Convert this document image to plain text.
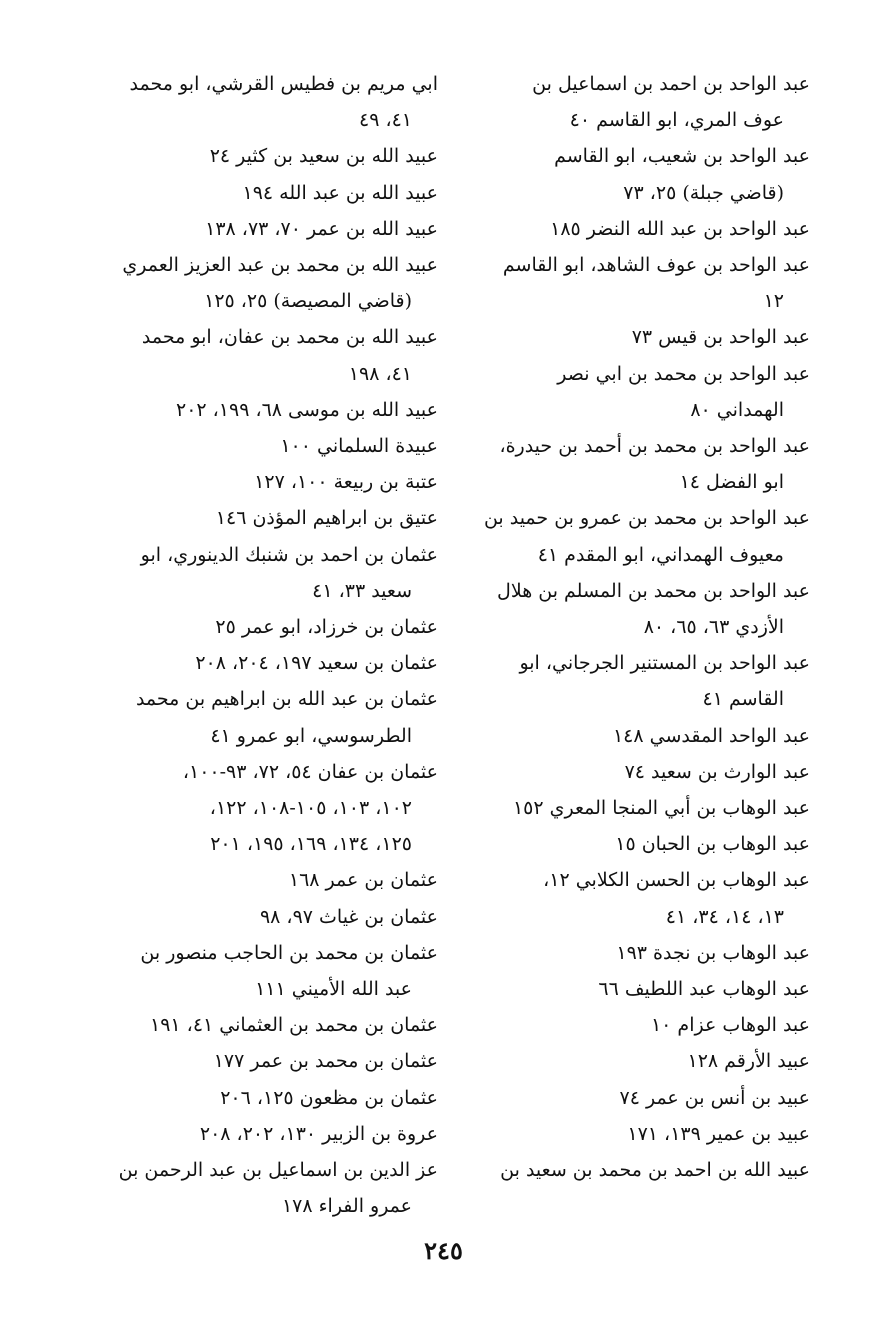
عبد الواحد بن احمد بن اسماعيل بن
عوف المري، ابو القاسم ٤٠
عبد الواحد بن شعيب، ابو القاسم
(قاضي جبلة) ٢٥، ٧٣
عبد الواحد بن عبد الله النضر ١٨٥
عبد الواحد بن عوف الشاهد، ابو القاسم
١٢
عبد الواحد بن قيس ٧٣
عبد الواحد بن محمد بن ابي نصر
الهمداني ٨٠
عبد الواحد بن محمد بن أحمد بن حيدرة،
ابو الفضل ١٤
عبد الواحد بن محمد بن عمرو بن حميد بن
معيوف الهمداني، ابو المقدم ٤١
عبد الواحد بن محمد بن المسلم بن هلال
الأزدي ٦٣، ٦٥، ٨٠
عبد الواحد بن المستنير الجرجاني، ابو
القاسم ٤١
عبد الواحد المقدسي ١٤٨
عبد الوارث بن سعيد ٧٤
عبد الوهاب بن أبي المنجا المعري ١٥٢
عبد الوهاب بن الحبان ١٥
عبد الوهاب بن الحسن الكلابي ١٢،
١٣، ١٤، ٣٤، ٤١
عبد الوهاب بن نجدة ١٩٣
عبد الوهاب عبد اللطيف ٦٦
عبد الوهاب عزام ١٠
عبيد الأرقم ١٢٨
عبيد بن أنس بن عمر ٧٤
عبيد بن عمير ١٣٩، ١٧١
عبيد الله بن احمد بن محمد بن سعيد بن
ابي مريم بن فطيس القرشي، ابو محمد
٤١، ٤٩
عبيد الله بن سعيد بن كثير ٢٤
عبيد الله بن عبد الله ١٩٤
عبيد الله بن عمر ٧٠، ٧٣، ١٣٨
عبيد الله بن محمد بن عبد العزيز العمري
(قاضي المصيصة) ٢٥، ١٢٥
عبيد الله بن محمد بن عفان، ابو محمد
٤١، ١٩٨
عبيد الله بن موسى ٦٨، ١٩٩، ٢٠٢
عبيدة السلماني ١٠٠
عتبة بن ربيعة ١٠٠، ١٢٧
عتيق بن ابراهيم المؤذن ١٤٦
عثمان بن احمد بن شنبك الدينوري، ابو
سعيد ٣٣، ٤١
عثمان بن خرزاد، ابو عمر ٢٥
عثمان بن سعيد ١٩٧، ٢٠٤، ٢٠٨
عثمان بن عبد الله بن ابراهيم بن محمد
الطرسوسي، ابو عمرو ٤١
عثمان بن عفان ٥٤، ٧٢، ٩٣-١٠٠،
١٠٢، ١٠٣، ١٠٥-١٠٨، ١٢٢،
١٢٥، ١٣٤، ١٦٩، ١٩٥، ٢٠١
عثمان بن عمر ١٦٨
عثمان بن غياث ٩٧، ٩٨
عثمان بن محمد بن الحاجب منصور بن
عبد الله الأميني ١١١
عثمان بن محمد بن العثماني ٤١، ١٩١
عثمان بن محمد بن عمر ١٧٧
عثمان بن مظعون ١٢٥، ٢٠٦
عروة بن الزبير ١٣٠، ٢٠٢، ٢٠٨
عز الدين بن اسماعيل بن عبد الرحمن بن
عمرو الفراء ١٧٨
٢٤٥
